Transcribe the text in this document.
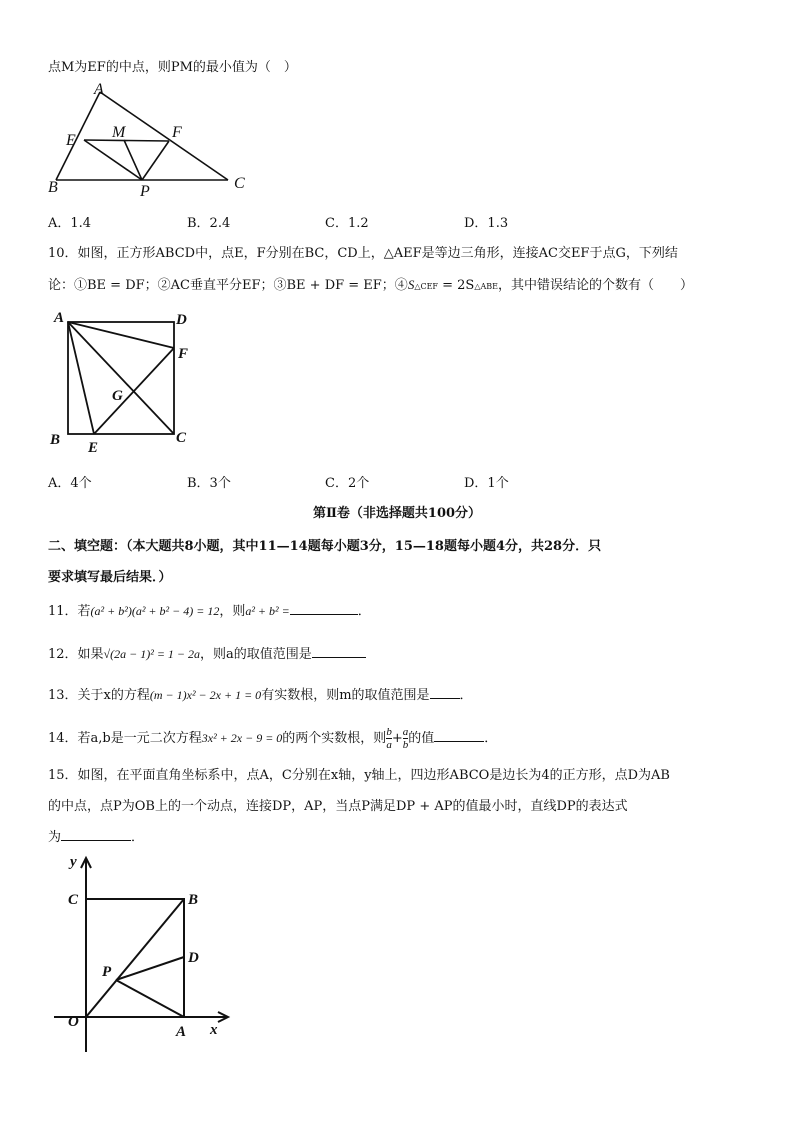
点M为EF的中点，则PM的最小值为（　）
A
E M	F
B	P	C
A．1.4	B．2.4	C．1.2	D．1.3
10．如图，正方形ABCD中，点E，F分别在BC，CD上，△AEF是等边三角形，连接AC交EF于点G，下列结
论：①BE = DF；②AC垂直平分EF；③BE + DF = EF；④S△CEF = 2S△ABE，其中错误结论的个数有（　　）
A	D
F
G
B E
C
A．4个	B．3个	C．2个	D．1个
第Ⅱ卷（非选择题共100分）
二、填空题：（本大题共8小题，其中11—14题每小题3分，15—18题每小题4分，共28分．只
要求填写最后结果．）
11．若(a² + b²)(a² + b² − 4) = 12，则a² + b² =	．
12．如果√(2a − 1)² = 1 − 2a，则a的取值范围是
13．关于x的方程(m − 1)x² − 2x + 1 = 0有实数根，则m的取值范围是 ．
14．若a,b是一元二次方程3x² + 2x − 9 = 0的两个实数根，则 $\frac{b}{a} + \frac{a}{b}$ 的值	．
15．如图，在平面直角坐标系中，点A，C分别在x轴，y轴上，四边形ABCO是边长为4的正方形，点D为AB
的中点，点P为OB上的一个动点，连接DP，AP，当点P满足DP + AP的值最小时，直线DP的表达式
为	．
y
C	B
D
P
O
A x
